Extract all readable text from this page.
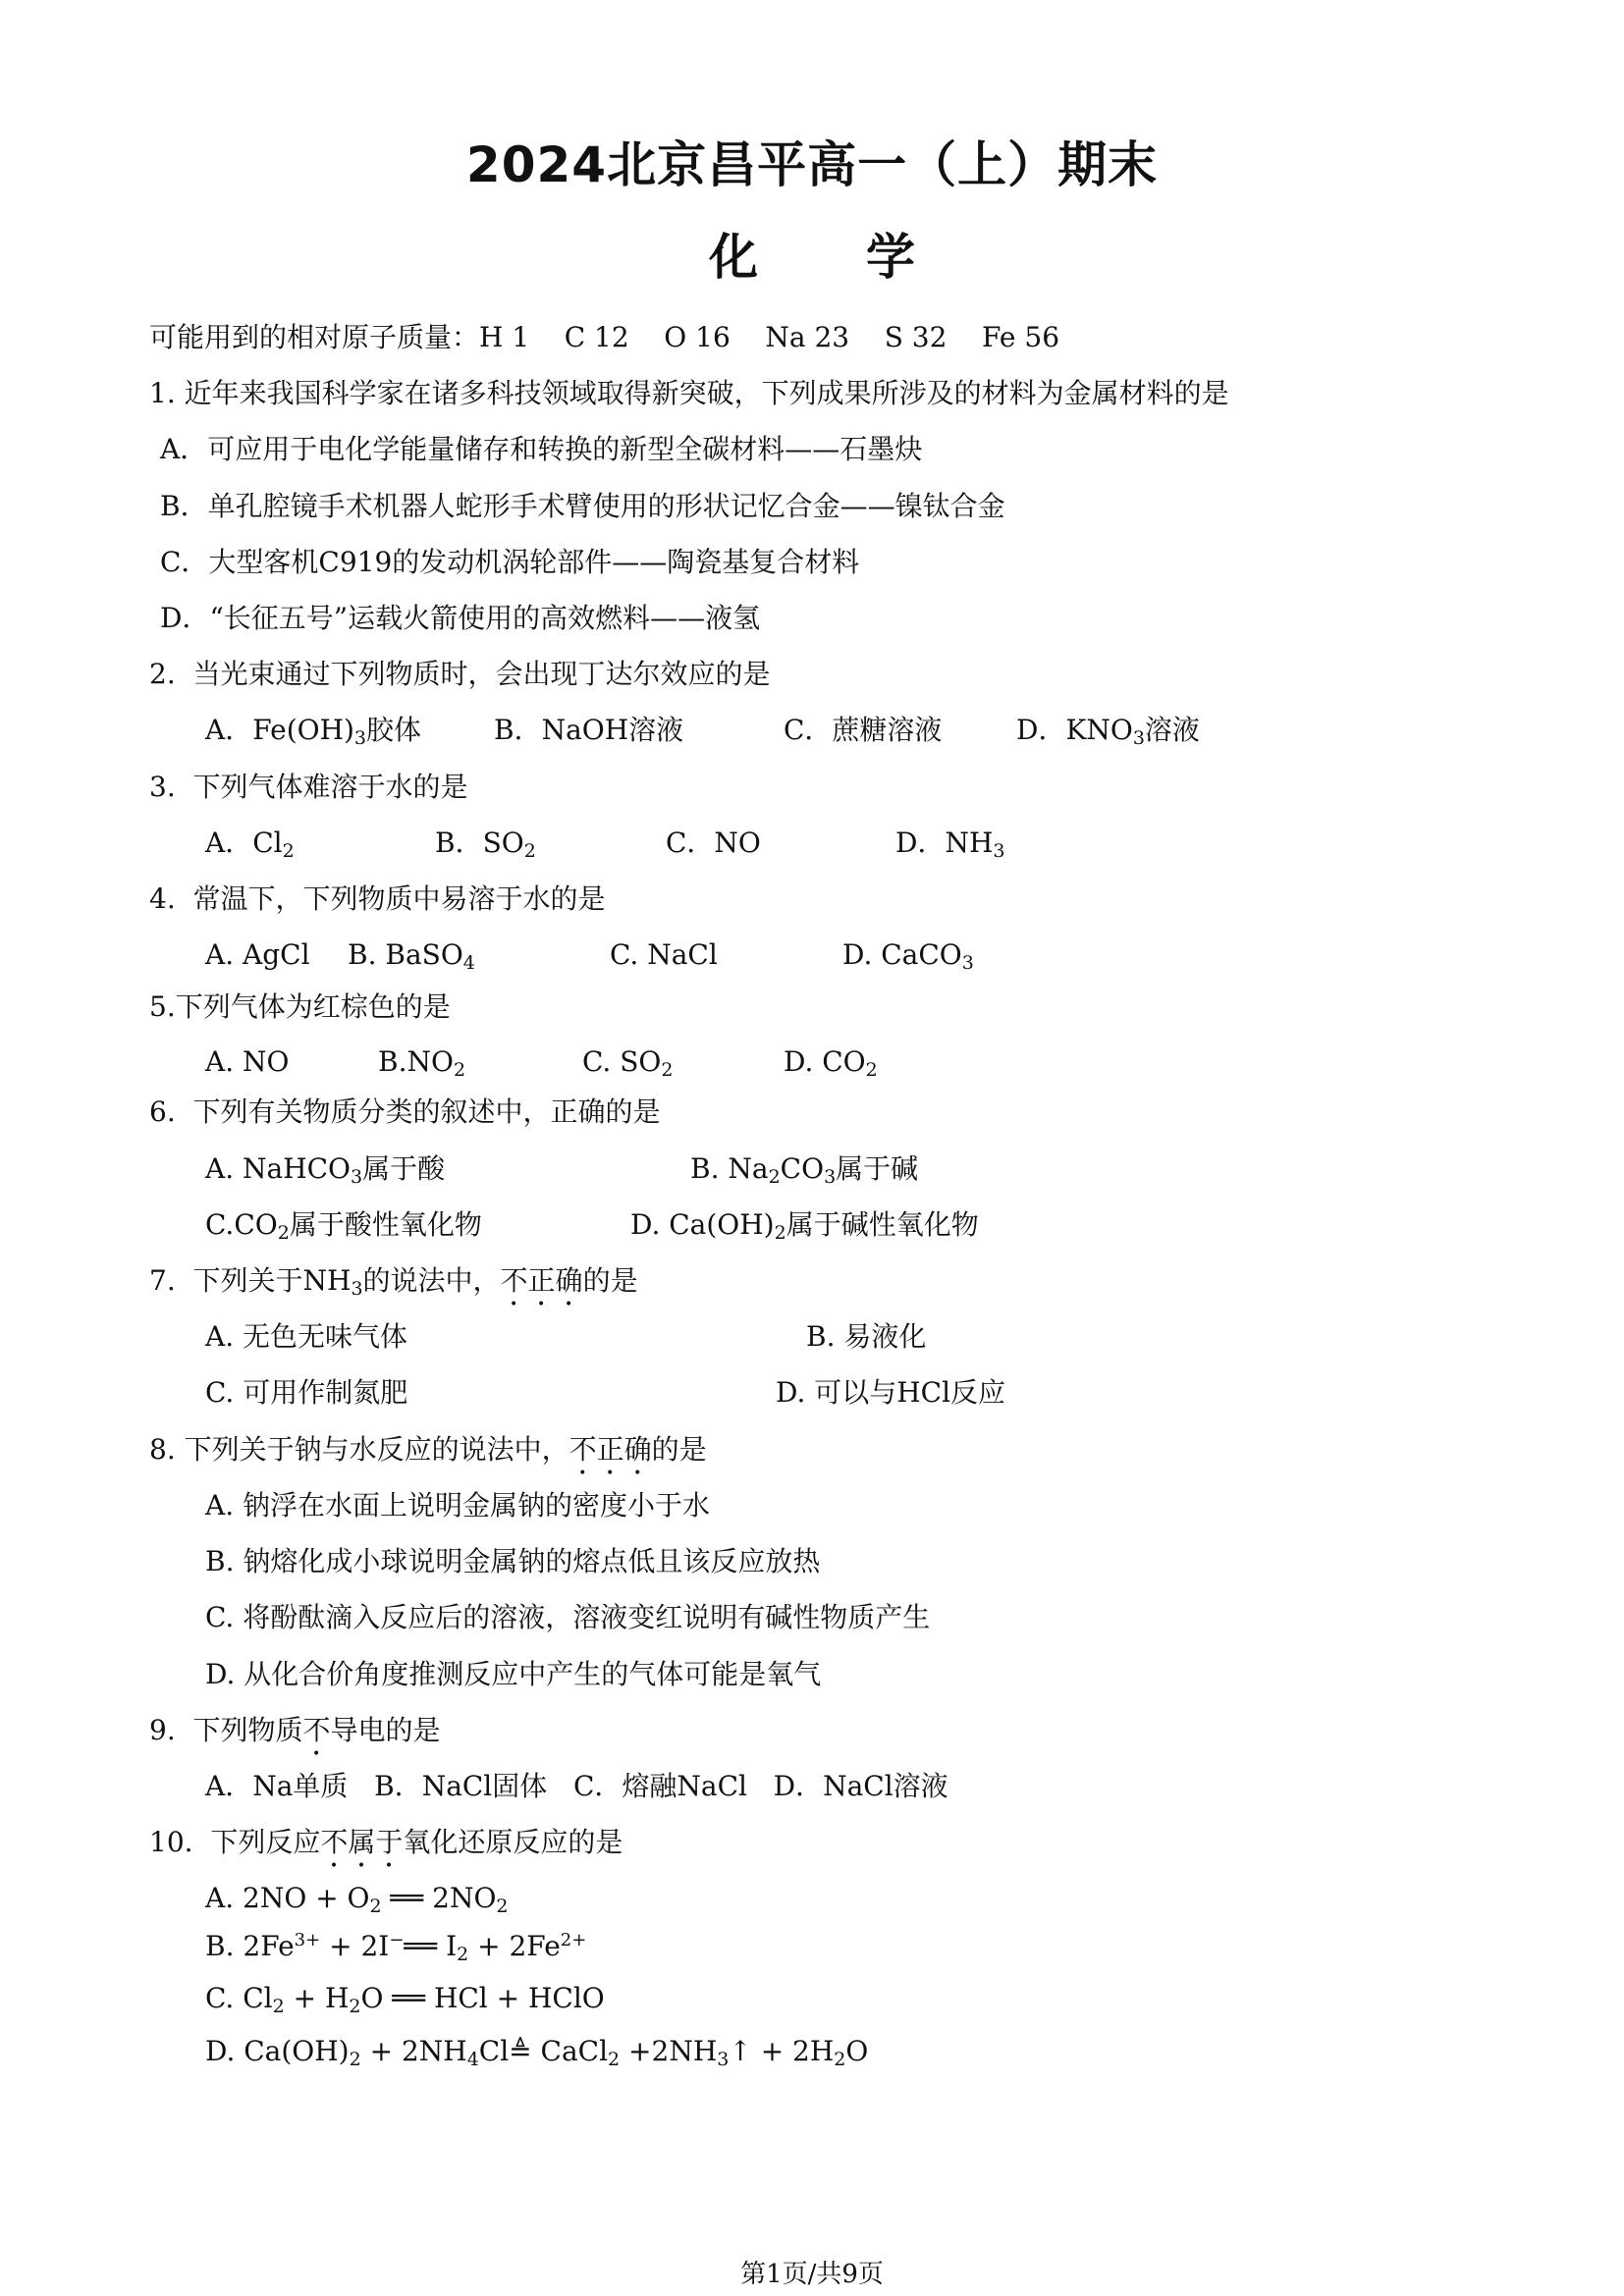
2024北京昌平高一（上）期末
化 学
可能用到的相对原子质量：H 1    C 12    O 16    Na 23    S 32    Fe 56
1. 近年来我国科学家在诸多科技领域取得新突破，下列成果所涉及的材料为金属材料的是
A．可应用于电化学能量储存和转换的新型全碳材料——石墨炔
B．单孔腔镜手术机器人蛇形手术臂使用的形状记忆合金——镍钛合金
C．大型客机C919的发动机涡轮部件——陶瓷基复合材料
D．“长征五号”运载火箭使用的高效燃料——液氢
2.  当光束通过下列物质时，会出现丁达尔效应的是
A．$Fe(OH)_3$胶体	B．NaOH溶液	C．蔗糖溶液	D．$KNO_3$溶液
3.  下列气体难溶于水的是
A．$Cl_2$	B．$SO_2$	C．NO	D．$NH_3$
4.  常温下，下列物质中易溶于水的是
A. AgCl B. BaSO$_4$	C. NaCl	D. CaCO$_3$
5.下列气体为红棕色的是
A. NO	$B.NO_2$	C. $SO_2$	D. $CO_2$
6.  下列有关物质分类的叙述中，正确的是
A. NaHCO$_3$属于酸	B. $Na_2CO_3$属于碱
$C.CO_2$属于酸性氧化物	D. $Ca(OH)_2$属于碱性氧化物
7.  下列关于$NH_3$的说法中，不正确的是
A. 无色无味气体	B. 易液化
C. 可用作制氮肥	D. 可以与HCl反应
8. 下列关于钠与水反应的说法中，不正确的是
A. 钠浮在水面上说明金属钠的密度小于水
B. 钠熔化成小球说明金属钠的熔点低且该反应放热
C. 将酚酞滴入反应后的溶液，溶液变红说明有碱性物质产生
D. 从化合价角度推测反应中产生的气体可能是氧气
9.  下列物质不导电的是
A．Na单质   B．NaCl固体   C．熔融NaCl   D．NaCl溶液
10.  下列反应不属于氧化还原反应的是
A. $2NO + O_2$ ══ $2NO_2$
B. $2Fe^{3+}$ + 2I−══ $I_2 + 2Fe^{2+}$
C. $Cl_2 + H_2O$ ══ HCl + HClO
D. $Ca(OH)_2$ + $2NH_4Cl≜$ CaCl$_2$ $+2NH_3↑ + 2H_2O$
第1页/共9页
